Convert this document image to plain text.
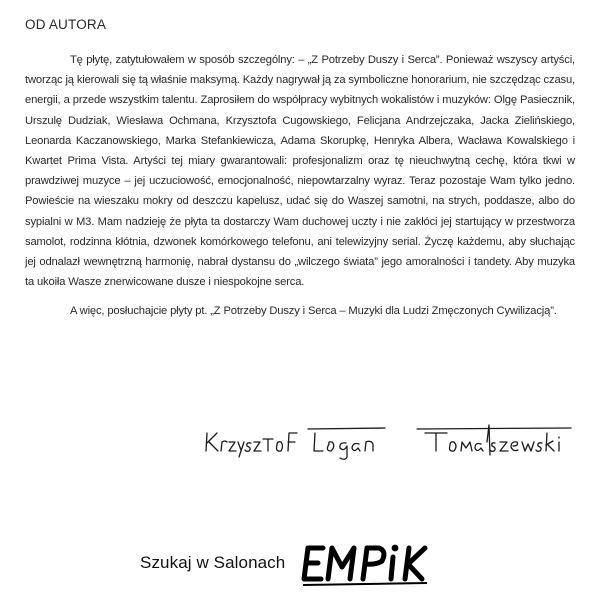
OD AUTORA

Tę płytę, zatytułowałem w sposób szczególny: – „Z Potrzeby Duszy i Serca”. Ponieważ wszyscy artyści, tworząc ją kierowali się tą właśnie maksymą. Każdy nagrywał ją za symboliczne honorarium, nie szczędząc czasu, energii, a przede wszystkim talentu. Zaprosiłem do współpracy wybitnych wokalistów i muzyków: Olgę Pasiecznik, Urszulę Dudziak, Wiesława Ochmana, Krzysztofa Cugowskiego, Felicjana Andrzejczaka, Jacka Zielińskiego, Leonarda Kaczanowskiego, Marka Stefankiewicza, Adama Skorupkę, Henryka Albera, Wacława Kowalskiego i Kwartet Prima Vista. Artyści tej miary gwarantowali: profesjonalizm oraz tę nieuchwytną cechę, która tkwi w prawdziwej muzyce – jej uczuciowość, emocjonalność, niepowtarzalny wyraz. Teraz pozostaje Wam tylko jedno. Powieście na wieszaku mokry od deszczu kapelusz, udać się do Waszej samotni, na strych, poddasze, albo do sypialni w M3. Mam nadzieję że płyta ta dostarczy Wam duchowej uczty i nie zakłóci jej startujący w przestworza samolot, rodzinna kłótnia, dzwonek komórkowego telefonu, ani telewizyjny serial. Życzę każdemu, aby słuchając jej odnalazł wewnętrzną harmonię, nabrał dystansu do „wilczego świata” jego amoralności i tandety. Aby muzyka ta ukoiła Wasze znerwicowane dusze i niespokojne serca.

A więc, posłuchajcie płyty pt. „Z Potrzeby Duszy i Serca – Muzyki dla Ludzi Zmęczonych Cywilizacją”.

Szukaj w Salonach
